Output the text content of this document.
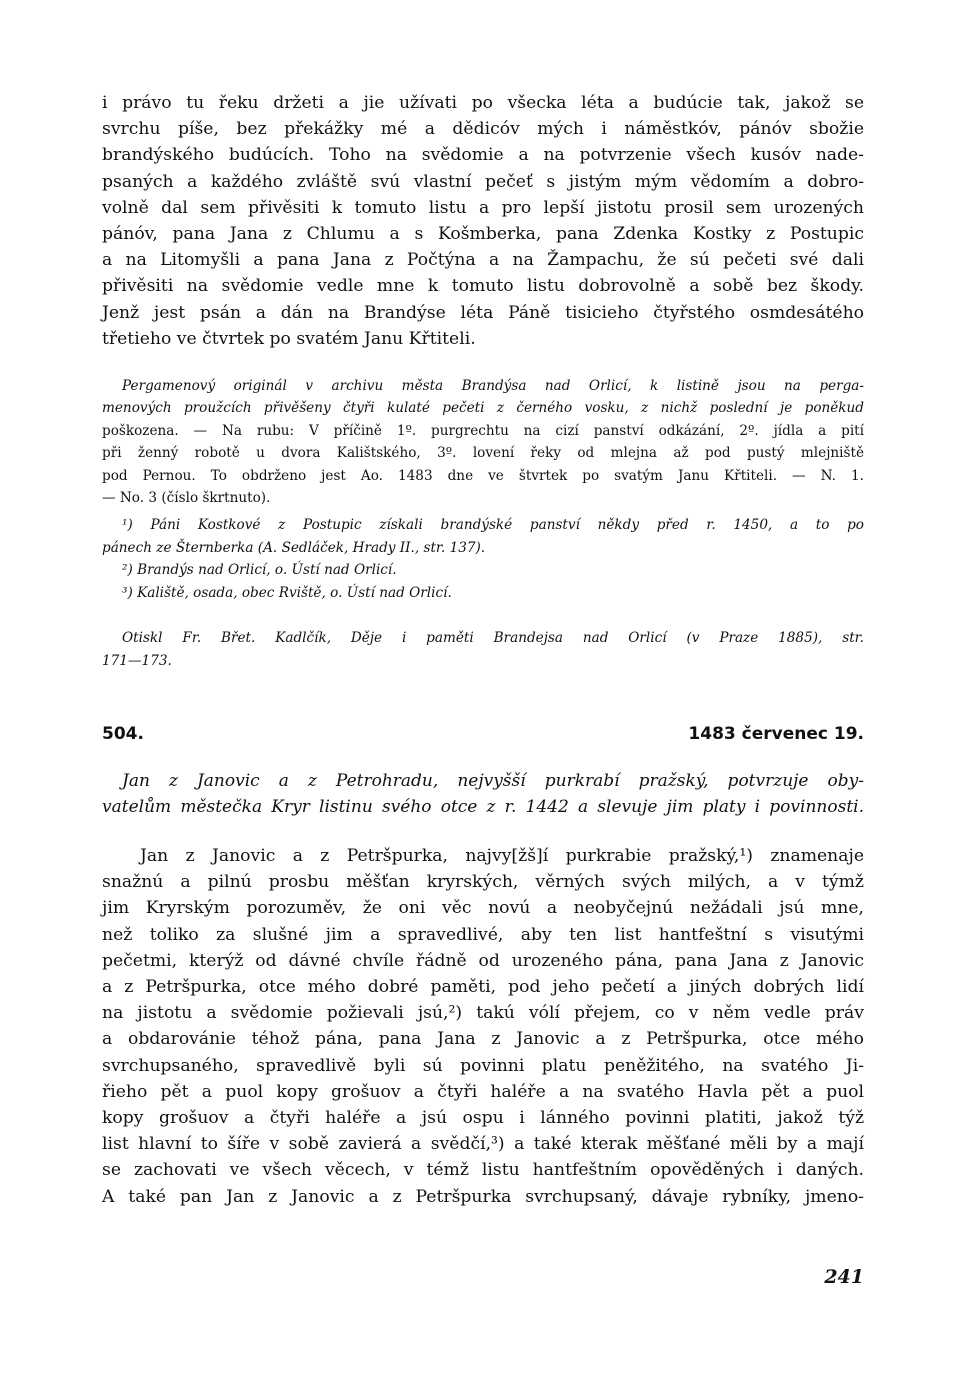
i právo tu řeku držeti a jie užívati po všecka léta a budúcie tak, jakož se
svrchu píše, bez překážky mé a dědicóv mých i náměstkóv, pánóv sbožie
brandýského budúcích. Toho na svědomie a na potvrzenie všech kusóv nade-
psaných a každého zvláště svú vlastní pečeť s jistým mým vědomím a dobro-
volně dal sem přivěsiti k tomuto listu a pro lepší jistotu prosil sem urozených
pánóv, pana Jana z Chlumu a s Košmberka, pana Zdenka Kostky z Postupic
a na Litomyšli a pana Jana z Počtýna a na Žampachu, že sú pečeti své dali
přivěsiti na svědomie vedle mne k tomuto listu dobrovolně a sobě bez škody.
Jenž jest psán a dán na Brandýse léta Páně tisicieho čtyřstého osmdesátého
třetieho ve čtvrtek po svatém Janu Křtiteli.
Pergamenový originál v archivu města Brandýsa nad Orlicí, k listině jsou na perga-
menových proužcích přivěšeny čtyři kulaté pečeti z černého vosku, z nichž poslední je poněkud
poškozena. — Na rubu: V příčině 1º. purgrechtu na cizí panství odkázání, 2º. jídla a pití
při ženný robotě u dvora Kalištského, 3º. lovení řeky od mlejna až pod pustý mlejniště
pod Pernou. To obdrženo jest Ao. 1483 dne ve štvrtek po svatým Janu Křtiteli. — N. 1.
— No. 3 (číslo škrtnuto).
¹) Páni Kostkové z Postupic získali brandýské panství někdy před r. 1450, a to po
pánech ze Šternberka (A. Sedláček, Hrady II., str. 137).
²) Brandýs nad Orlicí, o. Ústí nad Orlicí.
³) Kaliště, osada, obec Rviště, o. Ústí nad Orlicí.
Otiskl Fr. Břet. Kadlčík, Děje i paměti Brandejsa nad Orlicí (v Praze 1885), str.
171—173.
504.	1483 červenec 19.
Jan z Janovic a z Petrohradu, nejvyšší purkrabí pražský, potvrzuje oby-
vatelům městečka Kryr listinu svého otce z r. 1442 a slevuje jim platy i povinnosti.
Jan z Janovic a z Petršpurka, najvy[žš]í purkrabie pražský,¹) znamenaje
snažnú a pilnú prosbu měšťan kryrských, věrných svých milých, a v týmž
jim Kryrským porozuměv, že oni věc novú a neobyčejnú nežádali jsú mne,
než toliko za slušné jim a spravedlivé, aby ten list hantfeštní s visutými
pečetmi, kterýž od dávné chvíle řádně od urozeného pána, pana Jana z Janovic
a z Petršpurka, otce mého dobré paměti, pod jeho pečetí a jiných dobrých lidí
na jistotu a svědomie požievali jsú,²) takú vólí přejem, co v něm vedle práv
a obdarovánie téhož pána, pana Jana z Janovic a z Petršpurka, otce mého
svrchupsaného, spravedlivě byli sú povinni platu peněžitého, na svatého Ji-
řieho pět a puol kopy grošuov a čtyři haléře a na svatého Havla pět a puol
kopy grošuov a čtyři haléře a jsú ospu i lánného povinni platiti, jakož týž
list hlavní to šíře v sobě zavierá a svědčí,³) a také kterak měšťané měli by a mají
se zachovati ve všech věcech, v témž listu hantfeštním opověděných i daných.
A také pan Jan z Janovic a z Petršpurka svrchupsaný, dávaje rybníky, jmeno-
241
